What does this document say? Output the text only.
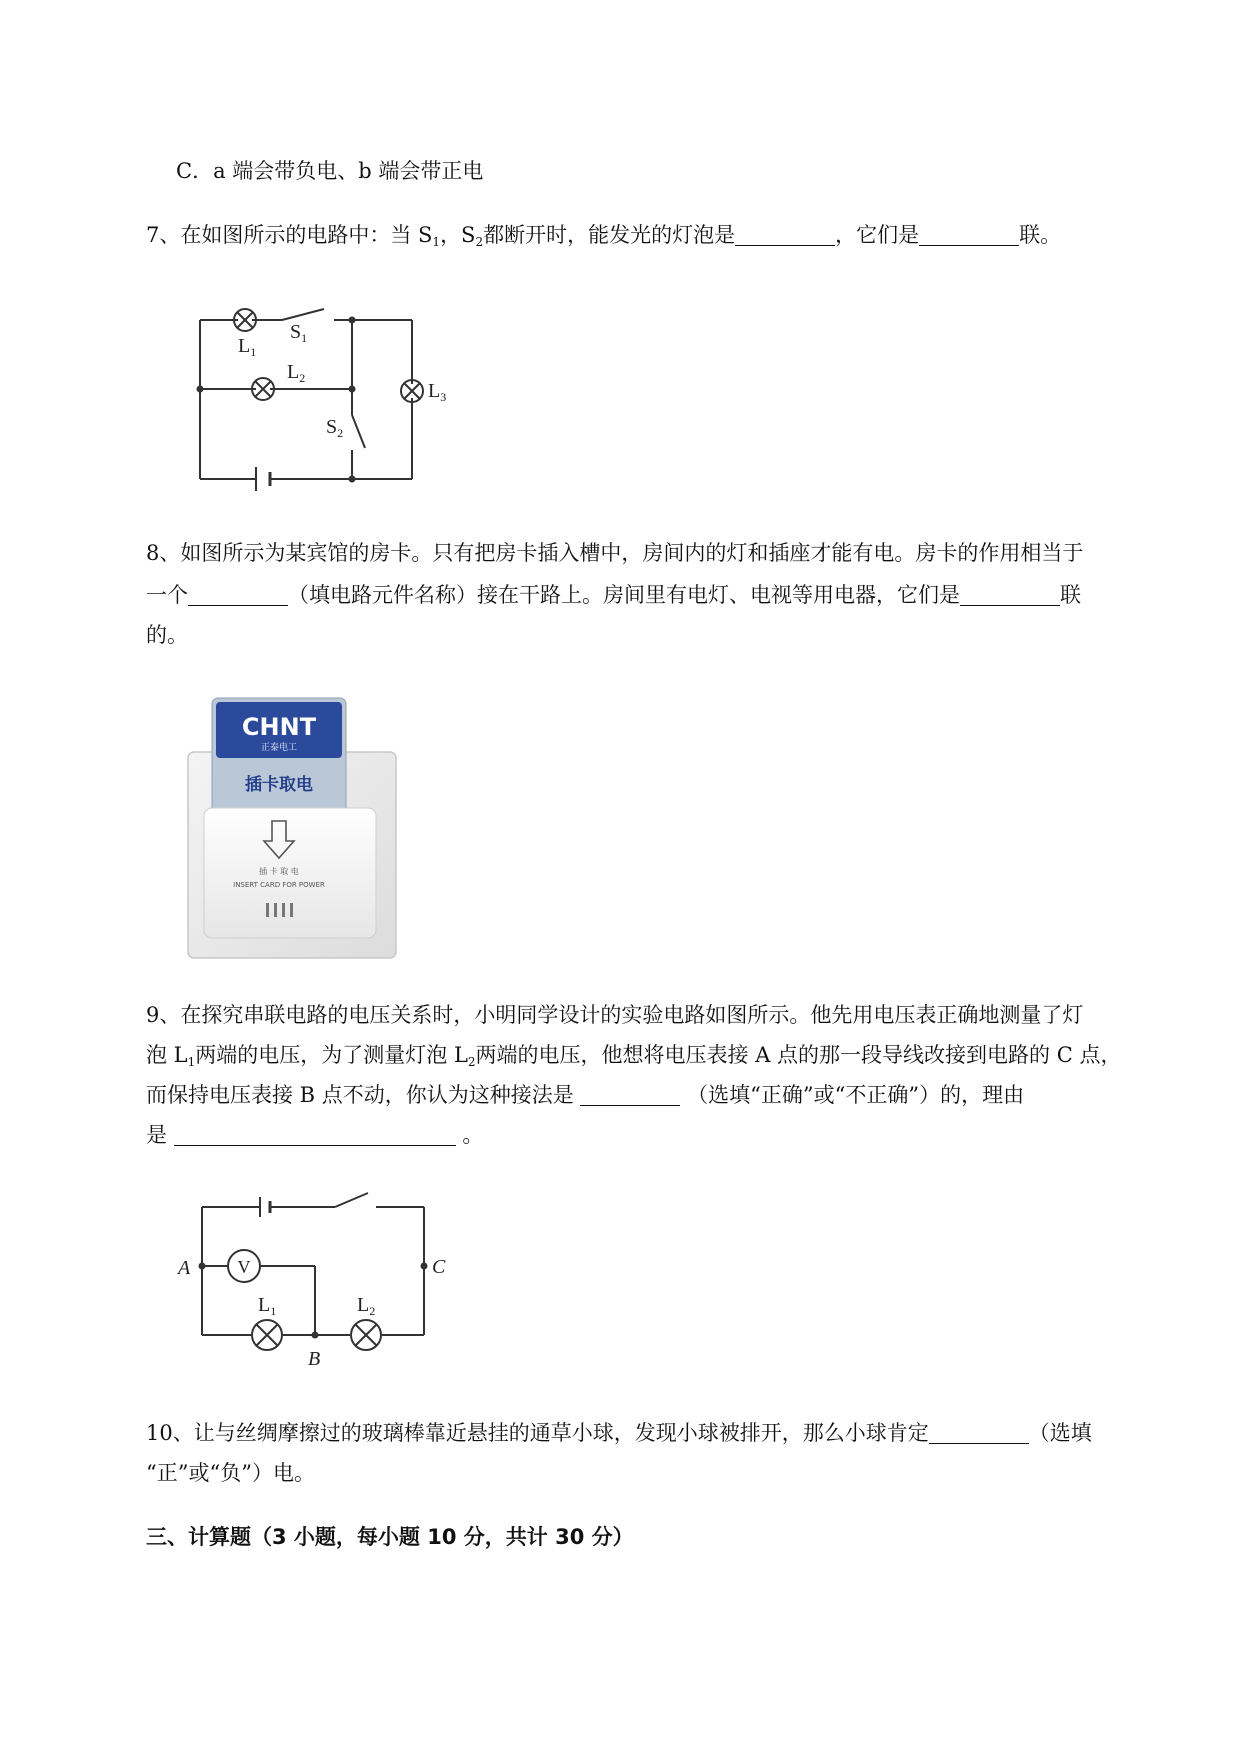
C．a 端会带负电、b 端会带正电
7、在如图所示的电路中：当 $S_1$，$S_2$都断开时，能发光的灯泡是	，它们是	联。
$L_1$
$S_1$
$L_2$
$L_3$
$S_2$
8、如图所示为某宾馆的房卡。只有把房卡插入槽中，房间内的灯和插座才能有电。房卡的作用相当于
一个	（填电路元件名称）接在干路上。房间里有电灯、电视等用电器，它们是	联
的。
CHNT
正泰电工
插卡取电
插 卡 取 电
INSERT CARD FOR POWER
9、在探究串联电路的电压关系时，小明同学设计的实验电路如图所示。他先用电压表正确地测量了灯
泡 $L_1$两端的电压，为了测量灯泡 $L_2$两端的电压，他想将电压表接 A 点的那一段导线改接到电路的 C 点，
而保持电压表接 B 点不动，你认为这种接法是	（选填“正确”或“不正确”）的，理由
是	。
V
A	C
B
$L_1$	$L_2$
10、让与丝绸摩擦过的玻璃棒靠近悬挂的通草小球，发现小球被排开，那么小球肯定	（选填
“正”或“负”）电。
三、计算题（3 小题，每小题 10 分，共计 30 分）
